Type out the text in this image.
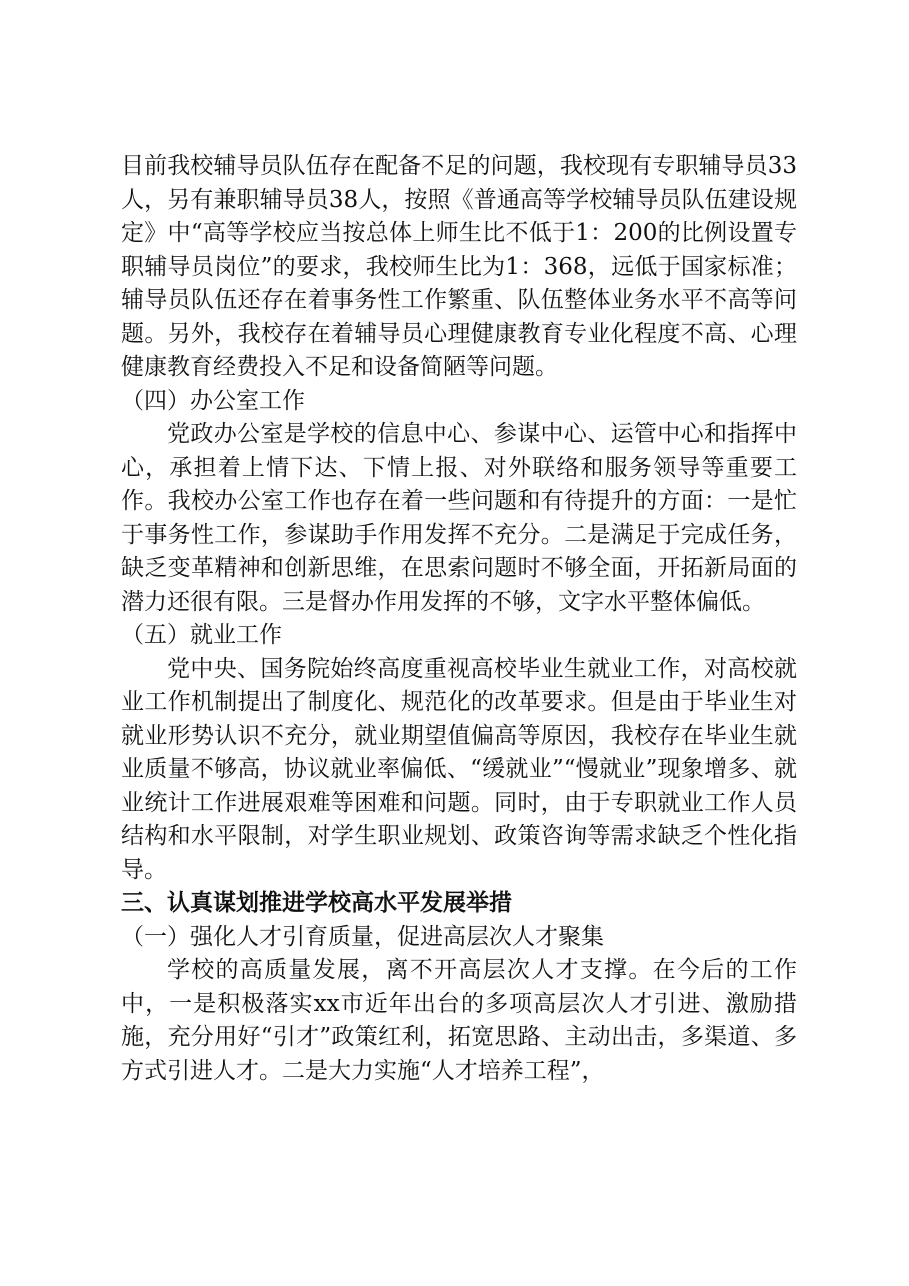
目前我校辅导员队伍存在配备不足的问题，我校现有专职辅导员33人，另有兼职辅导员38人，按照《普通高等学校辅导员队伍建设规定》中“高等学校应当按总体上师生比不低于1：200的比例设置专职辅导员岗位”的要求，我校师生比为1：368，远低于国家标准；辅导员队伍还存在着事务性工作繁重、队伍整体业务水平不高等问题。另外，我校存在着辅导员心理健康教育专业化程度不高、心理健康教育经费投入不足和设备简陋等问题。

（四）办公室工作

党政办公室是学校的信息中心、参谋中心、运管中心和指挥中心，承担着上情下达、下情上报、对外联络和服务领导等重要工作。我校办公室工作也存在着一些问题和有待提升的方面：一是忙于事务性工作，参谋助手作用发挥不充分。二是满足于完成任务，缺乏变革精神和创新思维，在思索问题时不够全面，开拓新局面的潜力还很有限。三是督办作用发挥的不够，文字水平整体偏低。

（五）就业工作

党中央、国务院始终高度重视高校毕业生就业工作，对高校就业工作机制提出了制度化、规范化的改革要求。但是由于毕业生对就业形势认识不充分，就业期望值偏高等原因，我校存在毕业生就业质量不够高，协议就业率偏低、“缓就业”“慢就业”现象增多、就业统计工作进展艰难等困难和问题。同时，由于专职就业工作人员结构和水平限制，对学生职业规划、政策咨询等需求缺乏个性化指导。

三、认真谋划推进学校高水平发展举措

（一）强化人才引育质量，促进高层次人才聚集

学校的高质量发展，离不开高层次人才支撑。在今后的工作中，一是积极落实xx市近年出台的多项高层次人才引进、激励措施，充分用好“引才”政策红利，拓宽思路、主动出击，多渠道、多方式引进人才。二是大力实施“人才培养工程”，
